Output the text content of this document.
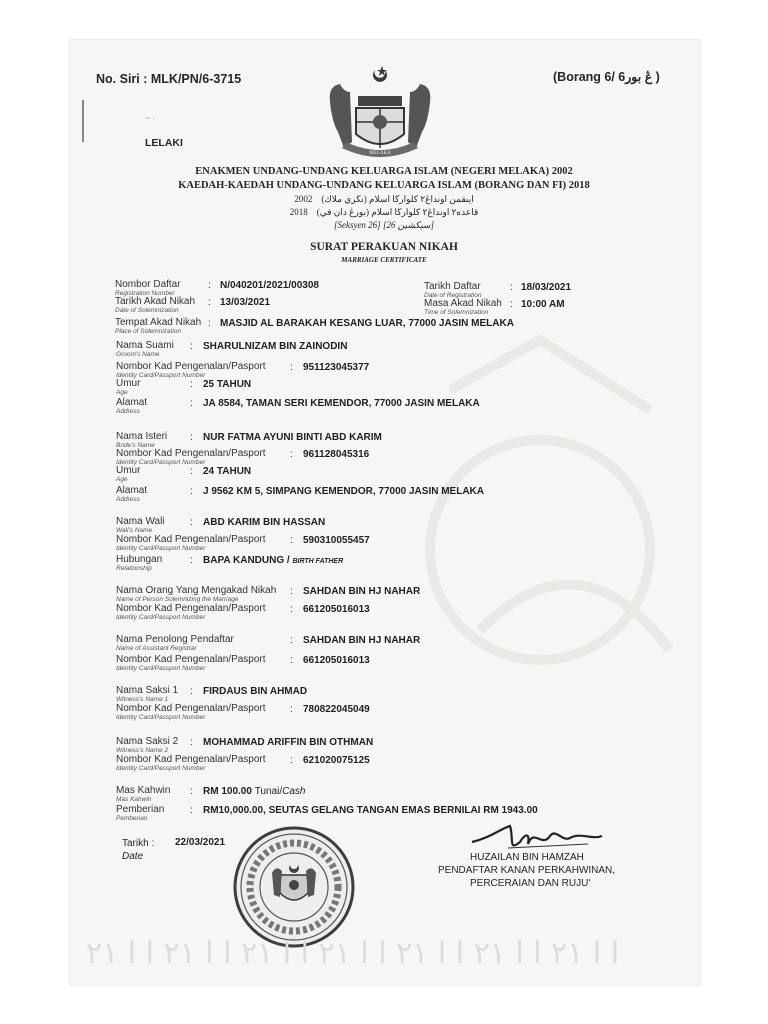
No. Siri : MLK/PN/6-3715	(Borang 6/ 6ڠ بور )
~ ·
LELAKI
MELAKA
ENAKMEN UNDANG-UNDANG KELUARGA ISLAM (NEGERI MELAKA) 2002
KAEDAH-KAEDAH UNDANG-UNDANG KELUARGA ISLAM (BORANG DAN FI) 2018
2002 اينقمن اونداڠ٢ كلوارڬا اسلام (نڬري ملاك)
2018 قاعده٢ اونداڠ٢ كلوارڬا اسلام (بورڠ دان في)
[Seksyen 26] [سيكشين 26]
SURAT PERAKUAN NIKAH
MARRIAGE CERTIFICATE
Nombor Daftar
Registration Number
: N/040201/2021/00308	Tarikh Daftar
Date of Registration
: 18/03/2021
Tarikh Akad Nikah
Date of Solemnization
: 13/03/2021	Masa Akad Nikah
Time of Solemnization
: 10:00 AM
Tempat Akad Nikah
Place of Solemnization
: MASJID AL BARAKAH KESANG LUAR, 77000 JASIN MELAKA
Nama Suami
Groom's Name
: SHARULNIZAM BIN ZAINODIN
Nombor Kad Pengenalan/Pasport
Identity Card/Passport Number
: 951123045377
Umur
Age
: 25 TAHUN
Alamat
Address
: JA 8584, TAMAN SERI KEMENDOR, 77000 JASIN MELAKA
Nama Isteri
Bride's Name
: NUR FATMA AYUNI BINTI ABD KARIM
Nombor Kad Pengenalan/Pasport
Identity Card/Passport Number
: 961128045316
Umur
Age
: 24 TAHUN
Alamat
Address
: J 9562 KM 5, SIMPANG KEMENDOR, 77000 JASIN MELAKA
Nama Wali
Wali's Name
: ABD KARIM BIN HASSAN
Nombor Kad Pengenalan/Pasport
Identity Card/Passport Number
: 590310055457
Hubungan
Relationship
: BAPA KANDUNG / BIRTH FATHER
Nama Orang Yang Mengakad Nikah
Name of Person Solemnizing the Marriage
: SAHDAN BIN HJ NAHAR
Nombor Kad Pengenalan/Pasport
Identity Card/Passport Number
: 661205016013
Nama Penolong Pendaftar
Name of Assistant Registrar
: SAHDAN BIN HJ NAHAR
Nombor Kad Pengenalan/Pasport
Identity Card/Passport Number
: 661205016013
Nama Saksi 1
Witness's Name 1
: FIRDAUS BIN AHMAD
Nombor Kad Pengenalan/Pasport
Identity Card/Passport Number
: 780822045049
Nama Saksi 2
Witness's Name 2
: MOHAMMAD ARIFFIN BIN OTHMAN
Nombor Kad Pengenalan/Pasport
Identity Card/Passport Number
: 621020075125
Mas Kahwin
Mas Kahwin
: RM 100.00 Tunai/Cash
Pemberian
Pemberian
: RM10,000.00, SEUTAS GELANG TANGAN EMAS BERNILAI RM 1943.00
Tarikh :
Date
22/03/2021
HUZAILAN BIN HAMZAH
PENDAFTAR KANAN PERKAHWINAN,
PERCERAIAN DAN RUJU'
ا ا ٢١ ا ا ٢١ ا ا ٢١ ا ا ٢١ ا ا ٢١ ا ا ٢١ ا ا ٢١
